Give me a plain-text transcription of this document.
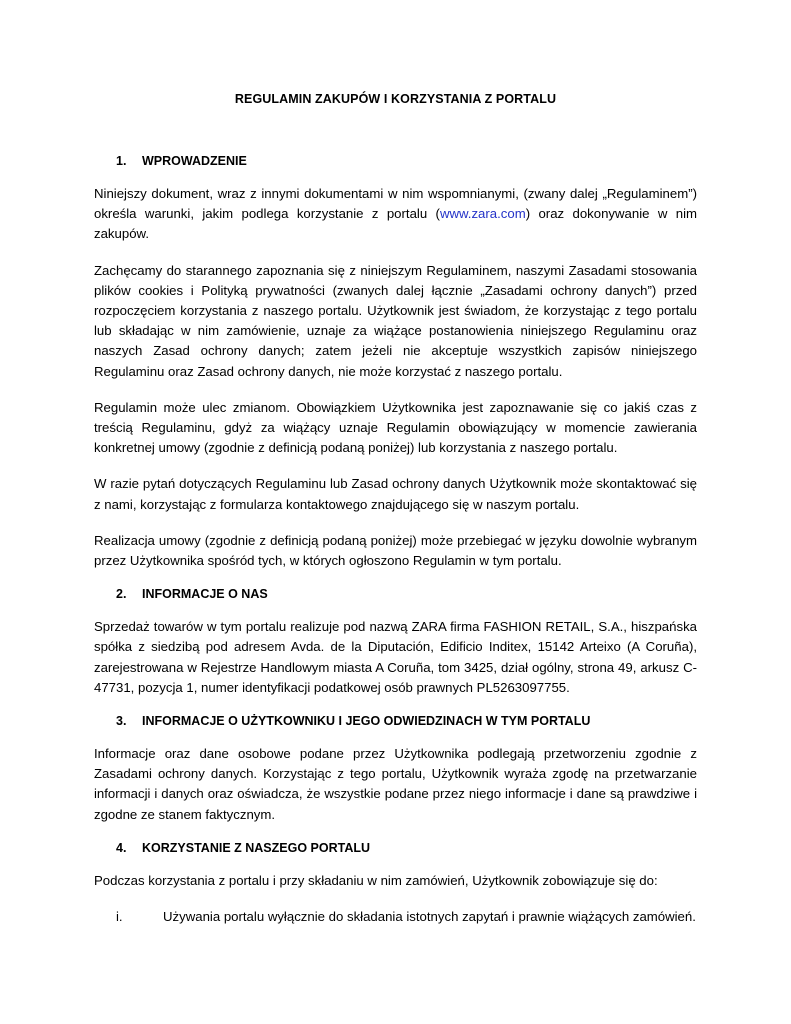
REGULAMIN ZAKUPÓW I KORZYSTANIA Z PORTALU
1.	WPROWADZENIE

Niniejszy dokument, wraz z innymi dokumentami w nim wspomnianymi, (zwany dalej „Regulaminem”) określa warunki, jakim podlega korzystanie z portalu (www.zara.com) oraz dokonywanie w nim zakupów.

Zachęcamy do starannego zapoznania się z niniejszym Regulaminem, naszymi Zasadami stosowania plików cookies i Polityką prywatności (zwanych dalej łącznie „Zasadami ochrony danych”) przed rozpoczęciem korzystania z naszego portalu. Użytkownik jest świadom, że korzystając z tego portalu lub składając w nim zamówienie, uznaje za wiążące postanowienia niniejszego Regulaminu oraz naszych Zasad ochrony danych; zatem jeżeli nie akceptuje wszystkich zapisów niniejszego Regulaminu oraz Zasad ochrony danych, nie może korzystać z naszego portalu.

Regulamin może ulec zmianom. Obowiązkiem Użytkownika jest zapoznawanie się co jakiś czas z treścią Regulaminu, gdyż za wiążący uznaje Regulamin obowiązujący w momencie zawierania konkretnej umowy (zgodnie z definicją podaną poniżej) lub korzystania z naszego portalu.

W razie pytań dotyczących Regulaminu lub Zasad ochrony danych Użytkownik może skontaktować się z nami, korzystając z formularza kontaktowego znajdującego się w naszym portalu.

Realizacja umowy (zgodnie z definicją podaną poniżej) może przebiegać w języku dowolnie wybranym przez Użytkownika spośród tych, w których ogłoszono Regulamin w tym portalu.

2.	INFORMACJE O NAS

Sprzedaż towarów w tym portalu realizuje pod nazwą ZARA firma FASHION RETAIL, S.A., hiszpańska spółka z siedzibą pod adresem Avda. de la Diputación, Edificio Inditex, 15142 Arteixo (A Coruña), zarejestrowana w Rejestrze Handlowym miasta A Coruña, tom 3425, dział ogólny, strona 49, arkusz C-47731, pozycja 1, numer identyfikacji podatkowej osób prawnych PL5263097755.

3.	INFORMACJE O UŻYTKOWNIKU I JEGO ODWIEDZINACH W TYM PORTALU

Informacje oraz dane osobowe podane przez Użytkownika podlegają przetworzeniu zgodnie z Zasadami ochrony danych. Korzystając z tego portalu, Użytkownik wyraża zgodę na przetwarzanie informacji i danych oraz oświadcza, że wszystkie podane przez niego informacje i dane są prawdziwe i zgodne ze stanem faktycznym.

4.	KORZYSTANIE Z NASZEGO PORTALU

Podczas korzystania z portalu i przy składaniu w nim zamówień, Użytkownik zobowiązuje się do:

i.	Używania portalu wyłącznie do składania istotnych zapytań i prawnie wiążących zamówień.
